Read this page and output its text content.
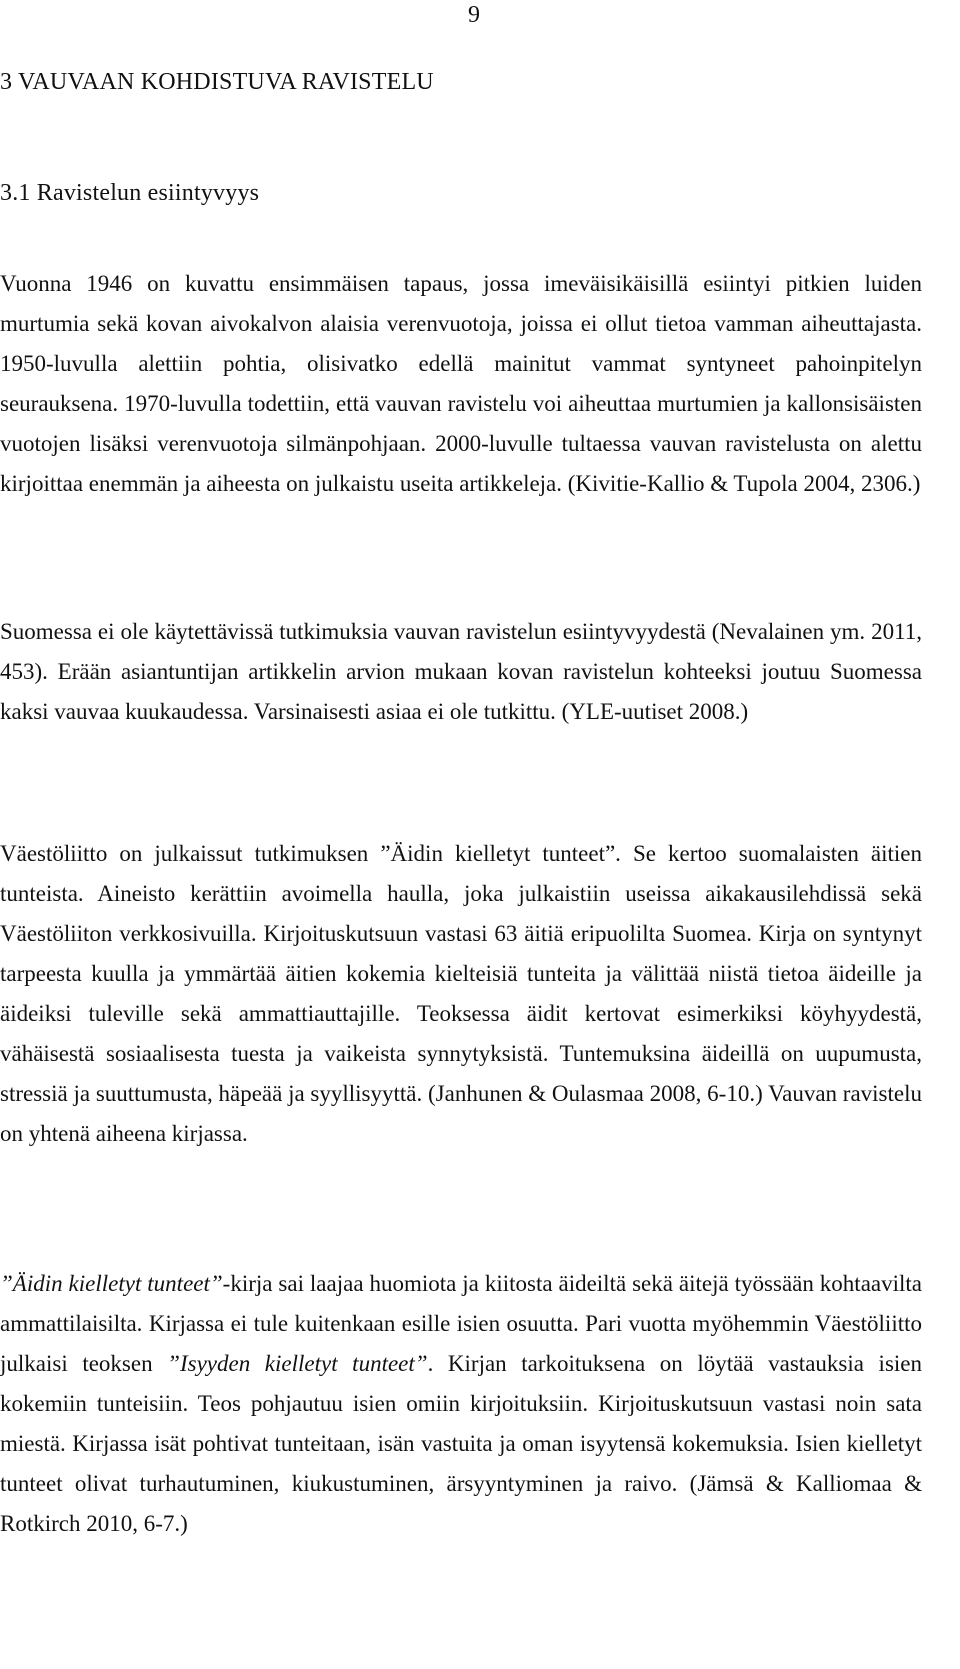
9
3 VAUVAAN KOHDISTUVA RAVISTELU
3.1 Ravistelun esiintyvyys

Vuonna 1946 on kuvattu ensimmäisen tapaus, jossa imeväisikäisillä esiintyi pitkien luiden murtumia sekä kovan aivokalvon alaisia verenvuotoja, joissa ei ollut tietoa vamman aiheuttajasta. 1950-luvulla alettiin pohtia, olisivatko edellä mainitut vammat syntyneet pahoinpitelyn seurauksena. 1970-luvulla todettiin, että vauvan ravistelu voi aiheuttaa murtumien ja kallonsisäisten vuotojen lisäksi verenvuotoja silmänpohjaan. 2000-luvulle tultaessa vauvan ravistelusta on alettu kirjoittaa enemmän ja aiheesta on julkaistu useita artikkeleja. (Kivitie-Kallio & Tupola 2004, 2306.)

Suomessa ei ole käytettävissä tutkimuksia vauvan ravistelun esiintyvyydestä (Nevalainen ym. 2011, 453). Erään asiantuntijan artikkelin arvion mukaan kovan ravistelun kohteeksi joutuu Suomessa kaksi vauvaa kuukaudessa. Varsinaisesti asiaa ei ole tutkittu. (YLE-uutiset 2008.)

Väestöliitto on julkaissut tutkimuksen ”Äidin kielletyt tunteet”. Se kertoo suomalaisten äitien tunteista. Aineisto kerättiin avoimella haulla, joka julkaistiin useissa aikakausilehdissä sekä Väestöliiton verkkosivuilla. Kirjoituskutsuun vastasi 63 äitiä eripuolilta Suomea. Kirja on syntynyt tarpeesta kuulla ja ymmärtää äitien kokemia kielteisiä tunteita ja välittää niistä tietoa äideille ja äideiksi tuleville sekä ammattiauttajille. Teoksessa äidit kertovat esimerkiksi köyhyydestä, vähäisestä sosiaalisesta tuesta ja vaikeista synnytyksistä. Tuntemuksina äideillä on uupumusta, stressiä ja suuttumusta, häpeää ja syyllisyyttä. (Janhunen & Oulasmaa 2008, 6-10.) Vauvan ravistelu on yhtenä aiheena kirjassa.

”Äidin kielletyt tunteet”-kirja sai laajaa huomiota ja kiitosta äideiltä sekä äitejä työssään kohtaavilta ammattilaisilta. Kirjassa ei tule kuitenkaan esille isien osuutta. Pari vuotta myöhemmin Väestöliitto julkaisi teoksen ”Isyyden kielletyt tunteet”. Kirjan tarkoituksena on löytää vastauksia isien kokemiin tunteisiin. Teos pohjautuu isien omiin kirjoituksiin. Kirjoituskutsuun vastasi noin sata miestä. Kirjassa isät pohtivat tunteitaan, isän vastuita ja oman isyytensä kokemuksia. Isien kielletyt tunteet olivat turhautuminen, kiukustuminen, ärsyyntyminen ja raivo. (Jämsä & Kalliomaa & Rotkirch 2010, 6-7.)
